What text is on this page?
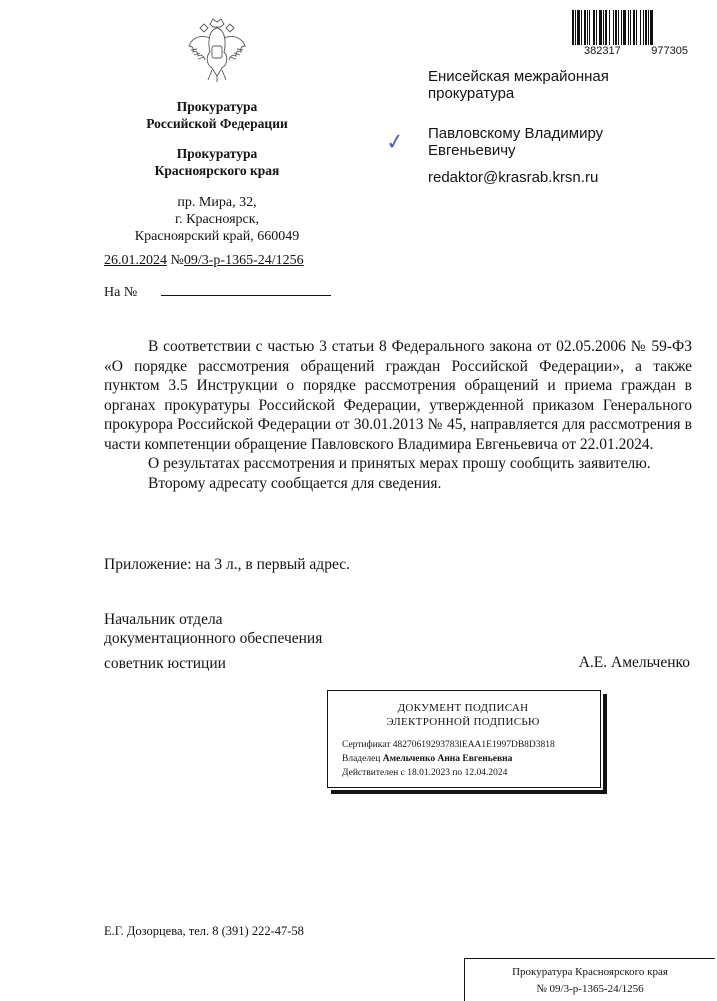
382317	977305
Прокуратура
Российской Федерации
Прокуратура
Красноярского края
пр. Мира, 32,
г. Красноярск,
Красноярский край, 660049
26.01.2024 №09/3-р-1365-24/1256
На №
Енисейская межрайонная
прокуратура
✓ Павловскому Владимиру
Евгеньевичу
redaktor@krasrab.krsn.ru

В соответствии с частью 3 статьи 8 Федерального закона от 02.05.2006 № 59-ФЗ «О порядке рассмотрения обращений граждан Российской Федерации», а также пунктом 3.5 Инструкции о порядке рассмотрения обращений и приема граждан в органах прокуратуры Российской Федерации, утвержденной приказом Генерального прокурора Российской Федерации от 30.01.2013 № 45, направляется для рассмотрения в части компетенции обращение Павловского Владимира Евгеньевича от 22.01.2024.

О результатах рассмотрения и принятых мерах прошу сообщить заявителю.

Второму адресату сообщается для сведения.

Приложение: на 3 л., в первый адрес.
Начальник отдела
документационного обеспечения
советник юстиции	А.Е. Амельченко
ДОКУМЕНТ ПОДПИСАН
ЭЛЕКТРОННОЙ ПОДПИСЬЮ
Сертификат 48270619293783lEAA1E1997DB8D3818
Владелец Амельченко Анна Евгеньевна
Действителен с 18.01.2023 по 12.04.2024
Е.Г. Дозорцева, тел. 8 (391) 222-47-58
Прокуратура Красноярского края
№ 09/3-р-1365-24/1256
